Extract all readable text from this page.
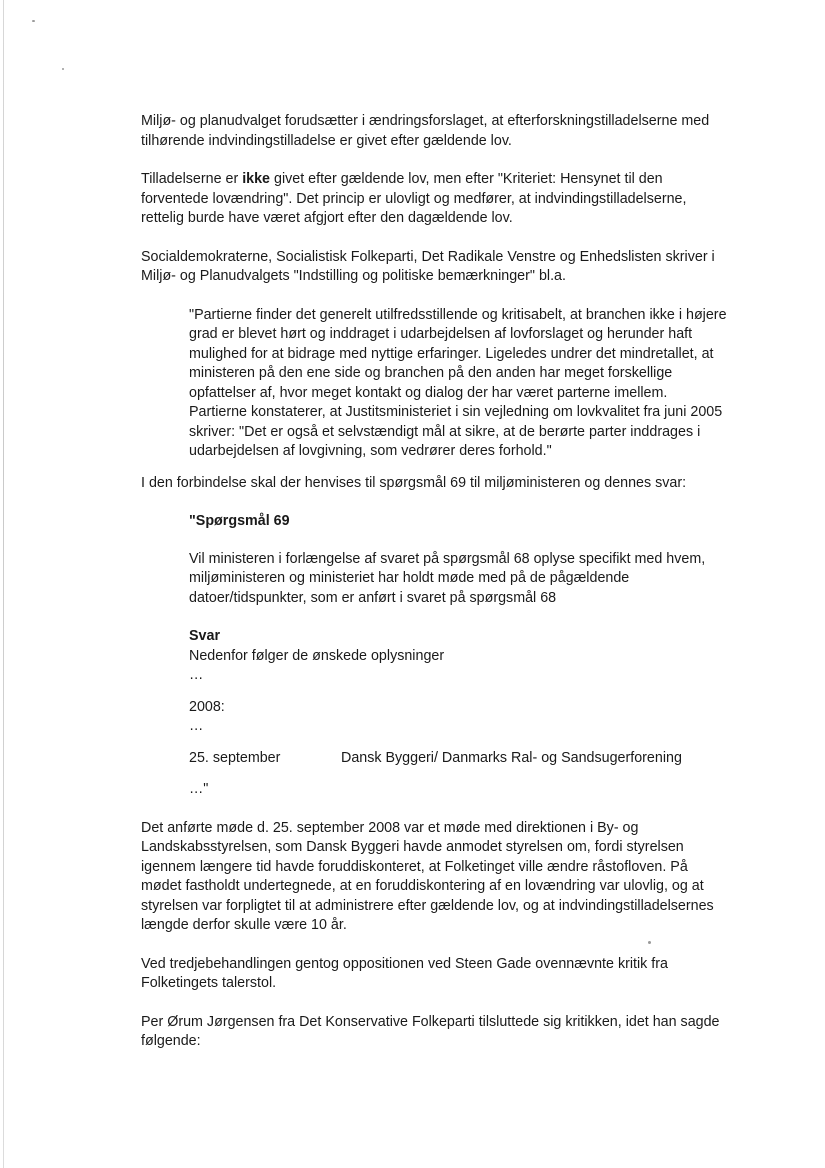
Miljø- og planudvalget forudsætter i ændringsforslaget, at efterforskningstilladelserne med tilhørende indvindingstilladelse er givet efter gældende lov.

Tilladelserne er ikke givet efter gældende lov, men efter "Kriteriet: Hensynet til den forventede lovændring". Det princip er ulovligt og medfører, at indvindingstilladelserne, rettelig burde have været afgjort efter den dagældende lov.

Socialdemokraterne, Socialistisk Folkeparti, Det Radikale Venstre og Enhedslisten skriver i Miljø- og Planudvalgets "Indstilling og politiske bemærkninger" bl.a.

"Partierne finder det generelt utilfredsstillende og kritisabelt, at branchen ikke i højere grad er blevet hørt og inddraget i udarbejdelsen af lovforslaget og herunder haft mulighed for at bidrage med nyttige erfaringer. Ligeledes undrer det mindretallet, at ministeren på den ene side og branchen på den anden har meget forskellige opfattelser af, hvor meget kontakt og dialog der har været parterne imellem. Partierne konstaterer, at Justitsministeriet i sin vejledning om lovkvalitet fra juni 2005 skriver: "Det er også et selvstændigt mål at sikre, at de berørte parter inddrages i udarbejdelsen af lovgivning, som vedrører deres forhold."

I den forbindelse skal der henvises til spørgsmål 69 til miljøministeren og dennes svar:

"Spørgsmål 69

Vil ministeren i forlængelse af svaret på spørgsmål 68 oplyse specifikt med hvem, miljøministeren og ministeriet har holdt møde med på de pågældende datoer/tidspunkter, som er anført i svaret på spørgsmål 68

Svar

Nedenfor følger de ønskede oplysninger

…

2008:

…

25. september	Dansk Byggeri/ Danmarks Ral- og Sandsugerforening

…"

Det anførte møde d. 25. september 2008 var et møde med direktionen i By- og Landskabsstyrelsen, som Dansk Byggeri havde anmodet styrelsen om, fordi styrelsen igennem længere tid havde foruddiskonteret, at Folketinget ville ændre råstofloven. På mødet fastholdt undertegnede, at en foruddiskontering af en lovændring var ulovlig, og at styrelsen var forpligtet til at administrere efter gældende lov, og at indvindingstilladelsernes længde derfor skulle være 10 år.

Ved tredjebehandlingen gentog oppositionen ved Steen Gade ovennævnte kritik fra Folketingets talerstol.

Per Ørum Jørgensen fra Det Konservative Folkeparti tilsluttede sig kritikken, idet han sagde følgende:
